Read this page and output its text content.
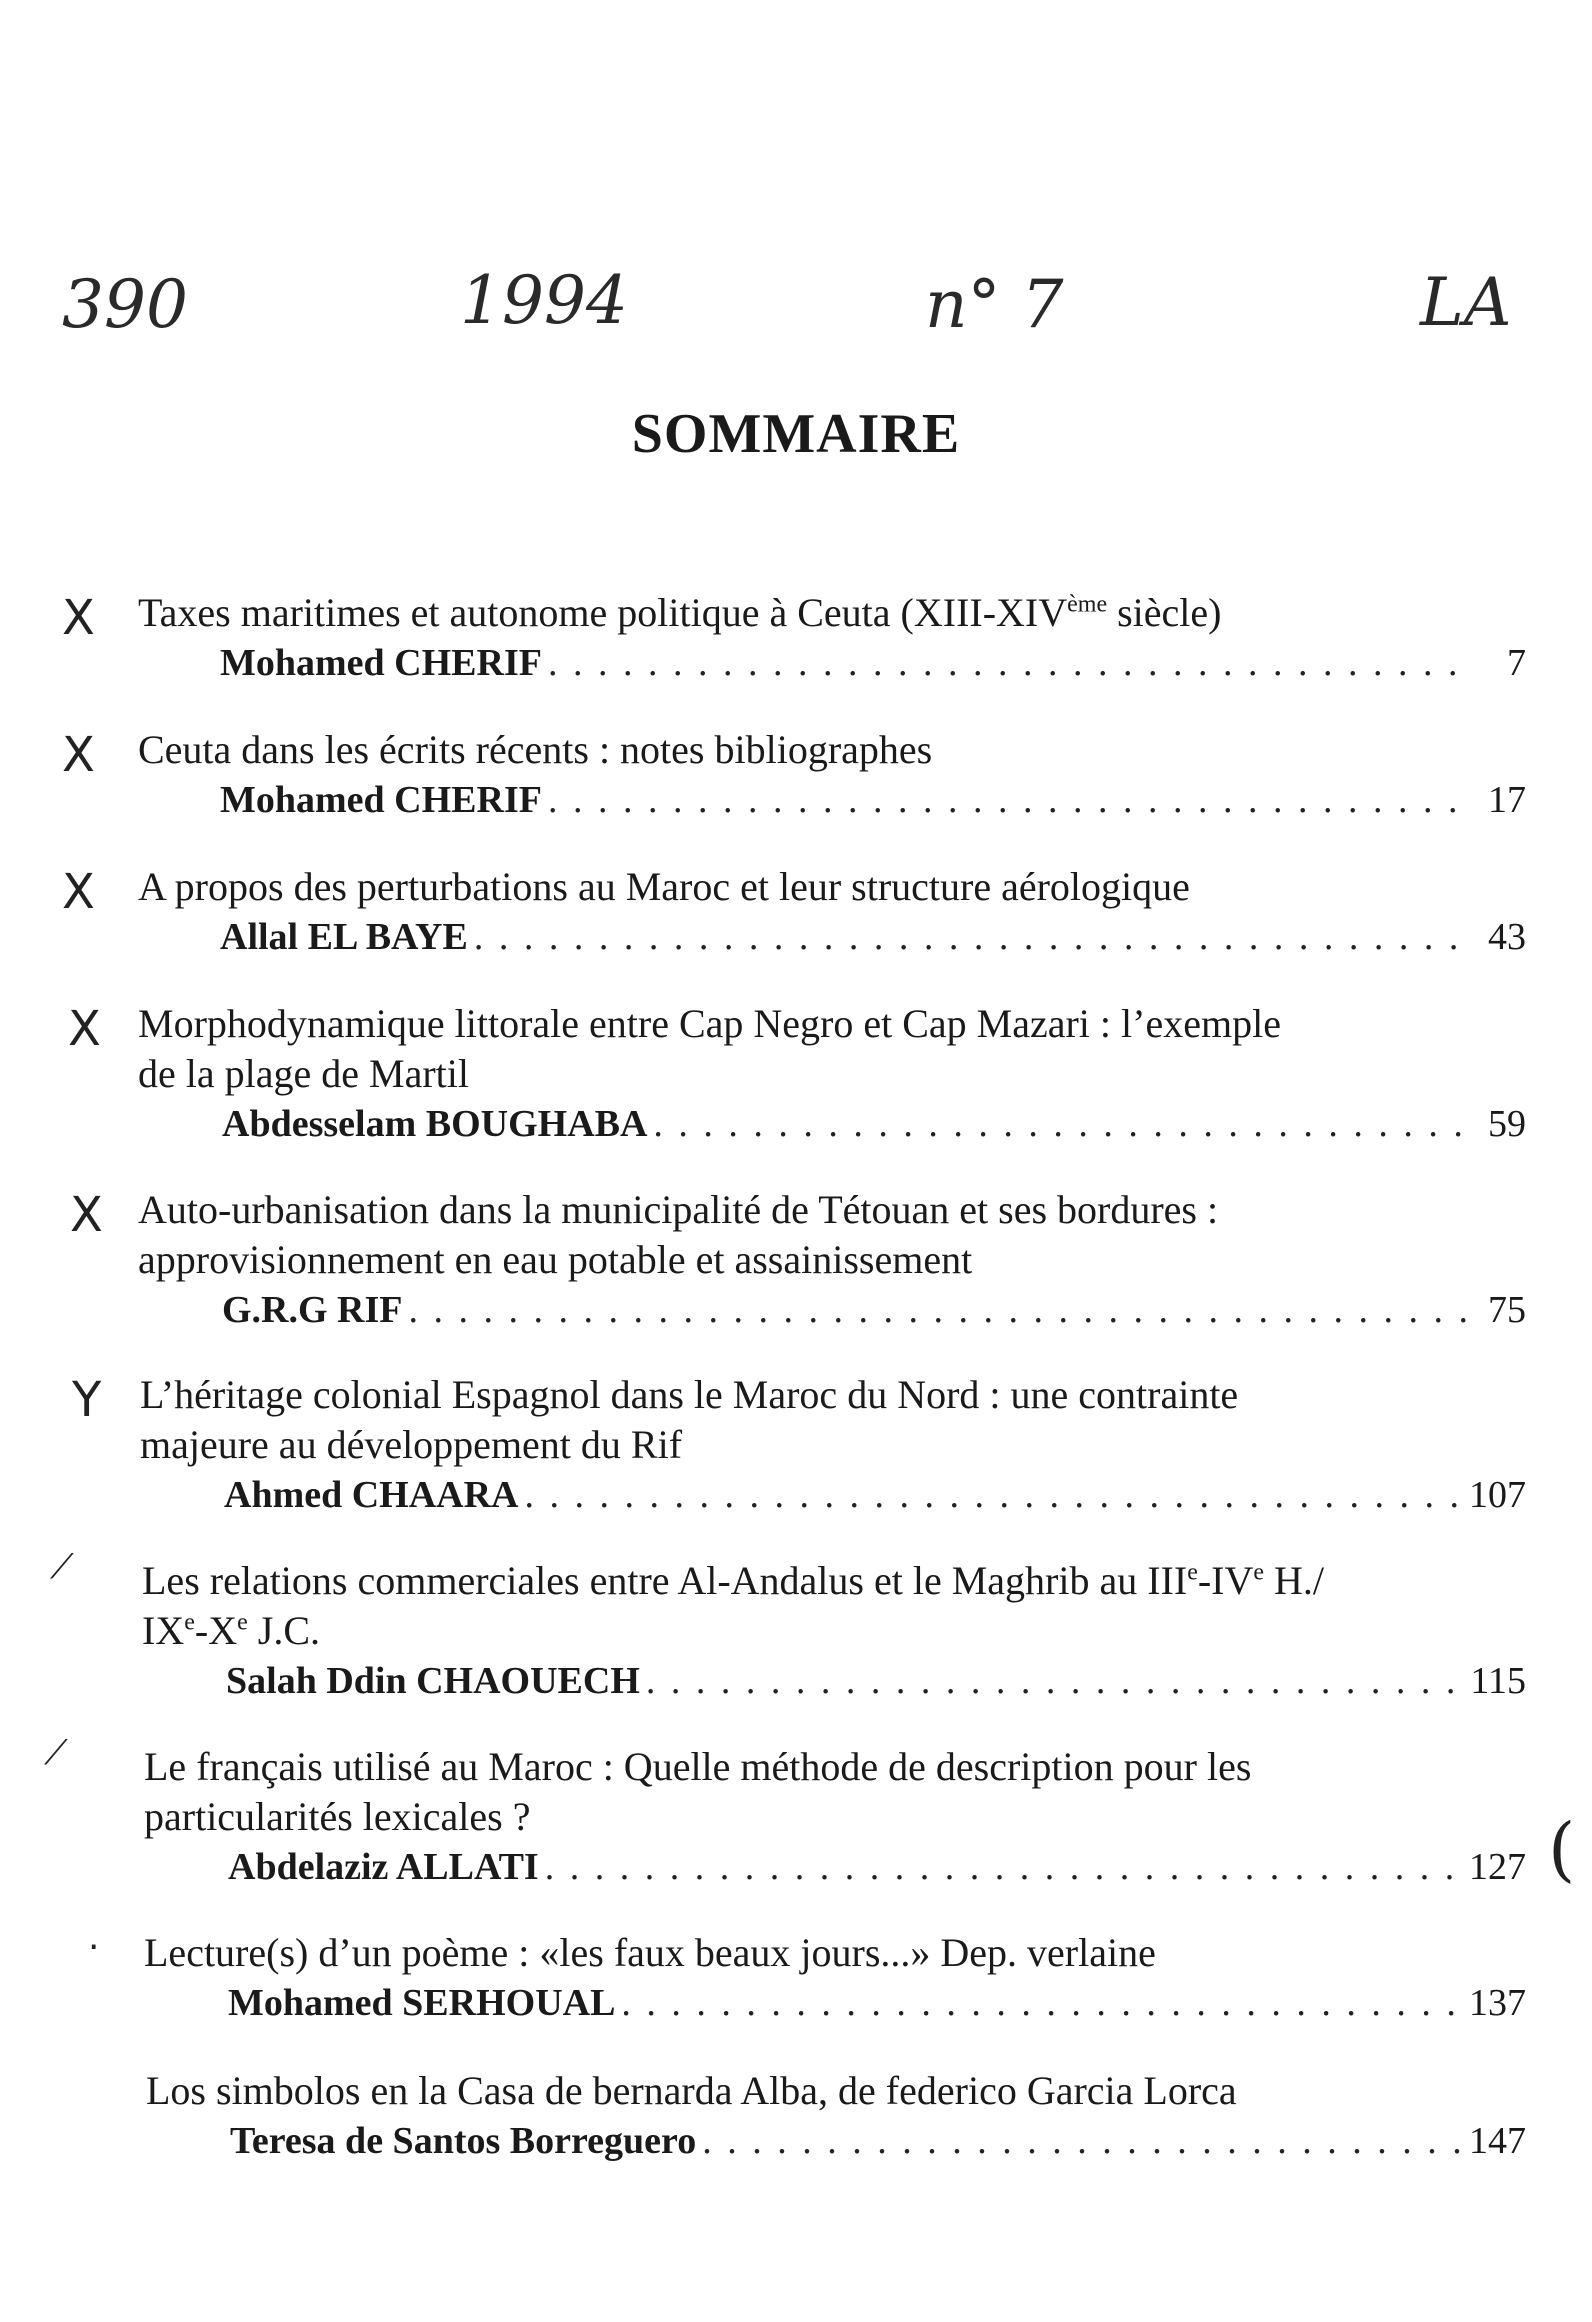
390	1994	n° 7	LA
SOMMAIRE
X Taxes maritimes et autonome politique à Ceuta (XIII-XIVème siècle)
Mohamed CHERIF . . .	7
X Ceuta dans les écrits récents : notes bibliographes
Mohamed CHERIF . . .	17
X A propos des perturbations au Maroc et leur structure aérologique
Allal EL BAYE . . .	43
X Morphodynamique littorale entre Cap Negro et Cap Mazari : l’exemple
de la plage de Martil
Abdesselam BOUGHABA . . .	59
X Auto-urbanisation dans la municipalité de Tétouan et ses bordures :
approvisionnement en eau potable et assainissement
G.R.G RIF . . .	75
Y L’héritage colonial Espagnol dans le Maroc du Nord : une contrainte
majeure au développement du Rif
Ahmed CHAARA . . .	107
⟋ Les relations commerciales entre Al-Andalus et le Maghrib au IIIe-IVe H./
IXe-Xe J.C.
Salah Ddin CHAOUECH . . .	115
⟋ Le français utilisé au Maroc : Quelle méthode de description pour les
particularités lexicales ?
Abdelaziz ALLATI . . .	127
· Lecture(s) d’un poème : «les faux beaux jours...» Dep. verlaine
Mohamed SERHOUAL . . .	137
Los simbolos en la Casa de bernarda Alba, de federico Garcia Lorca
Teresa de Santos Borreguero . . .	147
(
